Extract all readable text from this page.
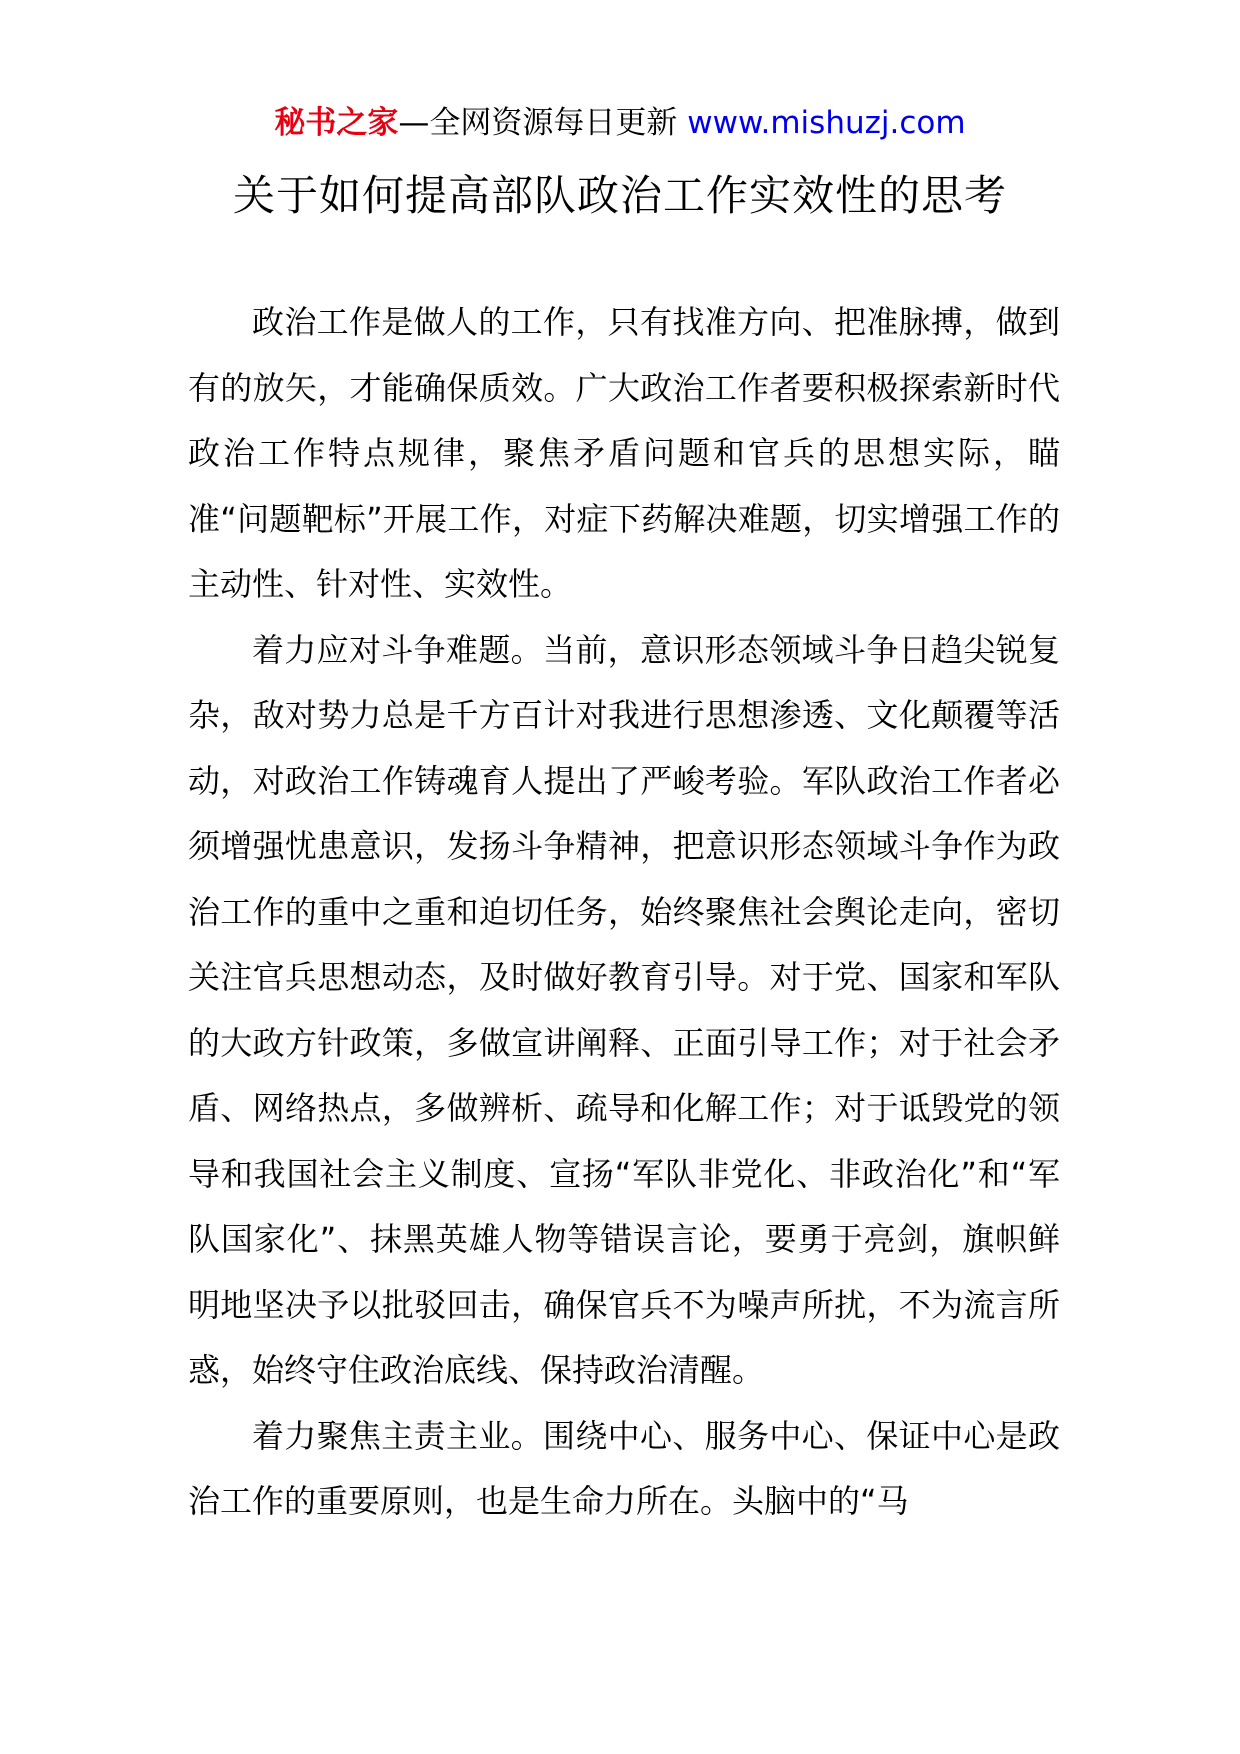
秘书之家—全网资源每日更新 www.mishuzj.com
关于如何提高部队政治工作实效性的思考

政治工作是做人的工作，只有找准方向、把准脉搏，做到有的放矢，才能确保质效。广大政治工作者要积极探索新时代政治工作特点规律，聚焦矛盾问题和官兵的思想实际，瞄准“问题靶标”开展工作，对症下药解决难题，切实增强工作的主动性、针对性、实效性。

着力应对斗争难题。当前，意识形态领域斗争日趋尖锐复杂，敌对势力总是千方百计对我进行思想渗透、文化颠覆等活动，对政治工作铸魂育人提出了严峻考验。军队政治工作者必须增强忧患意识，发扬斗争精神，把意识形态领域斗争作为政治工作的重中之重和迫切任务，始终聚焦社会舆论走向，密切关注官兵思想动态，及时做好教育引导。对于党、国家和军队的大政方针政策，多做宣讲阐释、正面引导工作；对于社会矛盾、网络热点，多做辨析、疏导和化解工作；对于诋毁党的领导和我国社会主义制度、宣扬“军队非党化、非政治化”和“军队国家化”、抹黑英雄人物等错误言论，要勇于亮剑，旗帜鲜明地坚决予以批驳回击，确保官兵不为噪声所扰，不为流言所惑，始终守住政治底线、保持政治清醒。

着力聚焦主责主业。围绕中心、服务中心、保证中心是政治工作的重要原则，也是生命力所在。头脑中的“马
